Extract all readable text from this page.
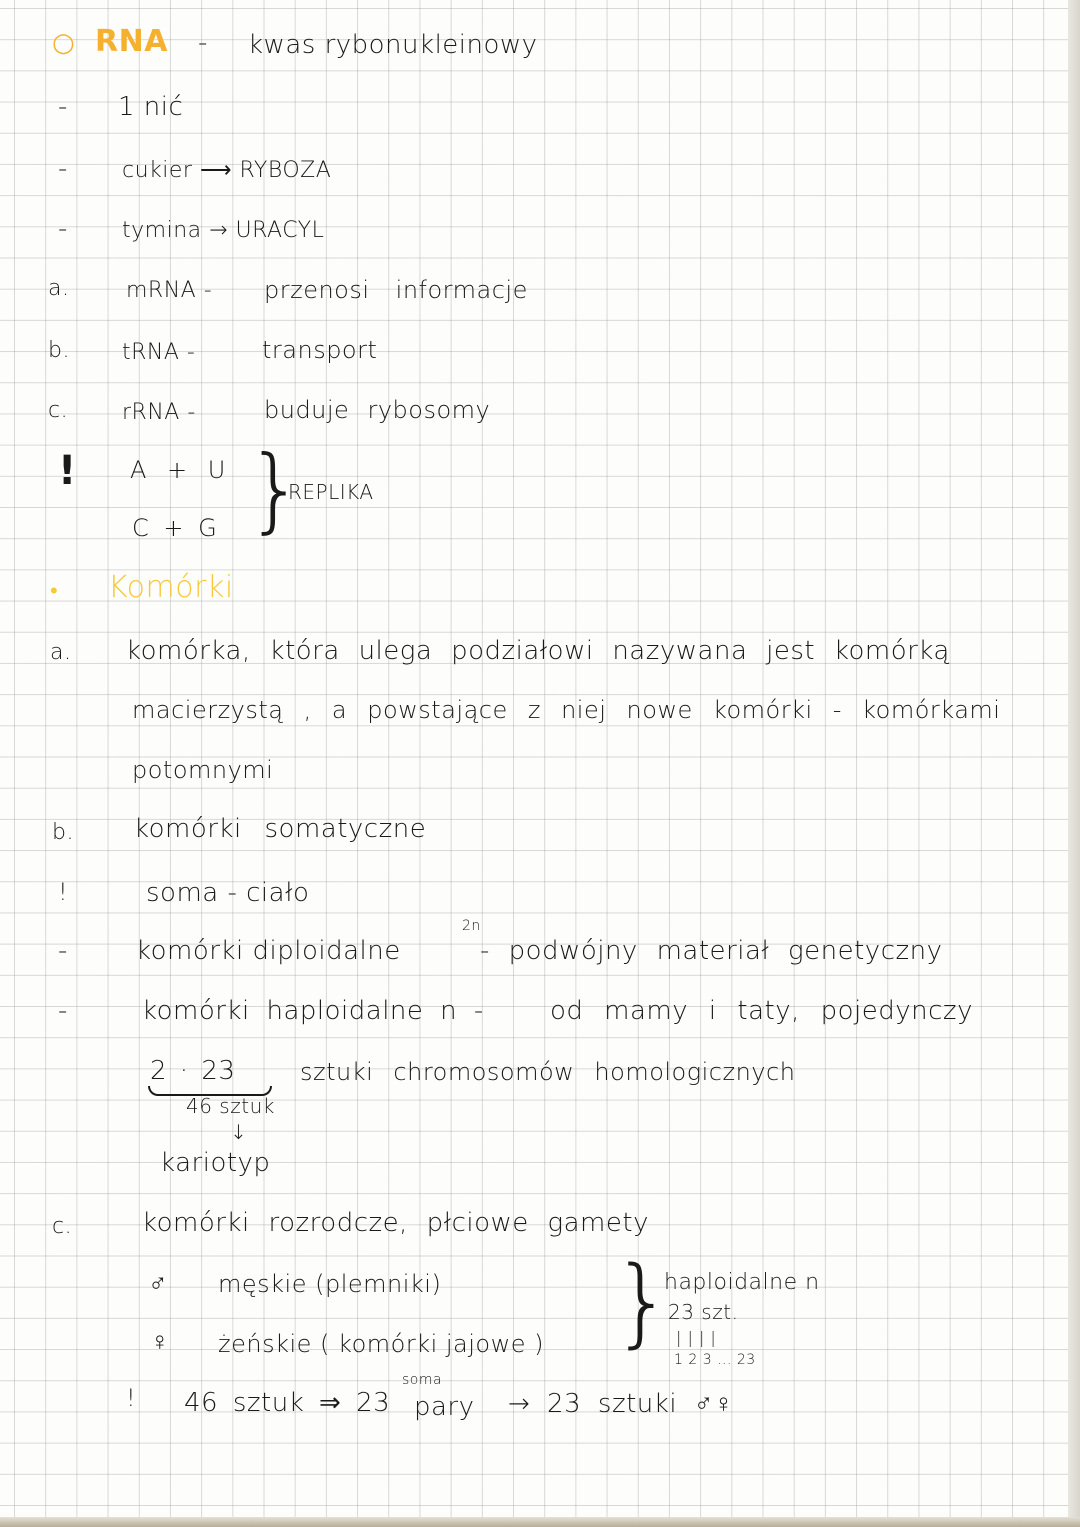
○ RNA - kwas rybonukleinowy
- 1 nić
- cukier ⟶ RYBOZA
- tymina → URACYL
a.	mRNA - przenosi informacje
b. tRNA -	transport
c. rRNA -	buduje rybosomy
! A + U
C + G }
REPLIKA
• Komórki
a. komórka, która ulega podziałowi nazywana jest komórką
macierzystą , a powstające z niej nowe komórki - komórkami
potomnymi
b. komórki somatyczne
!	soma - ciało
-	komórki diploidalne
2n
- podwójny materiał genetyczny
-	komórki haploidalne n -	od mamy i taty, pojedynczy
2 · 23	sztuki chromosomów homologicznych
46 sztuk
↓
kariotyp
c.	komórki rozrodcze, płciowe gamety
♂ męskie (plemniki)
♀ żeńskie ( komórki jajowe ) }
haploidalne n
23 szt.
| | | |
1 2 3 ... 23
! 46 sztuk ⇒ 23
soma
pary → 23 sztuki ♂♀
